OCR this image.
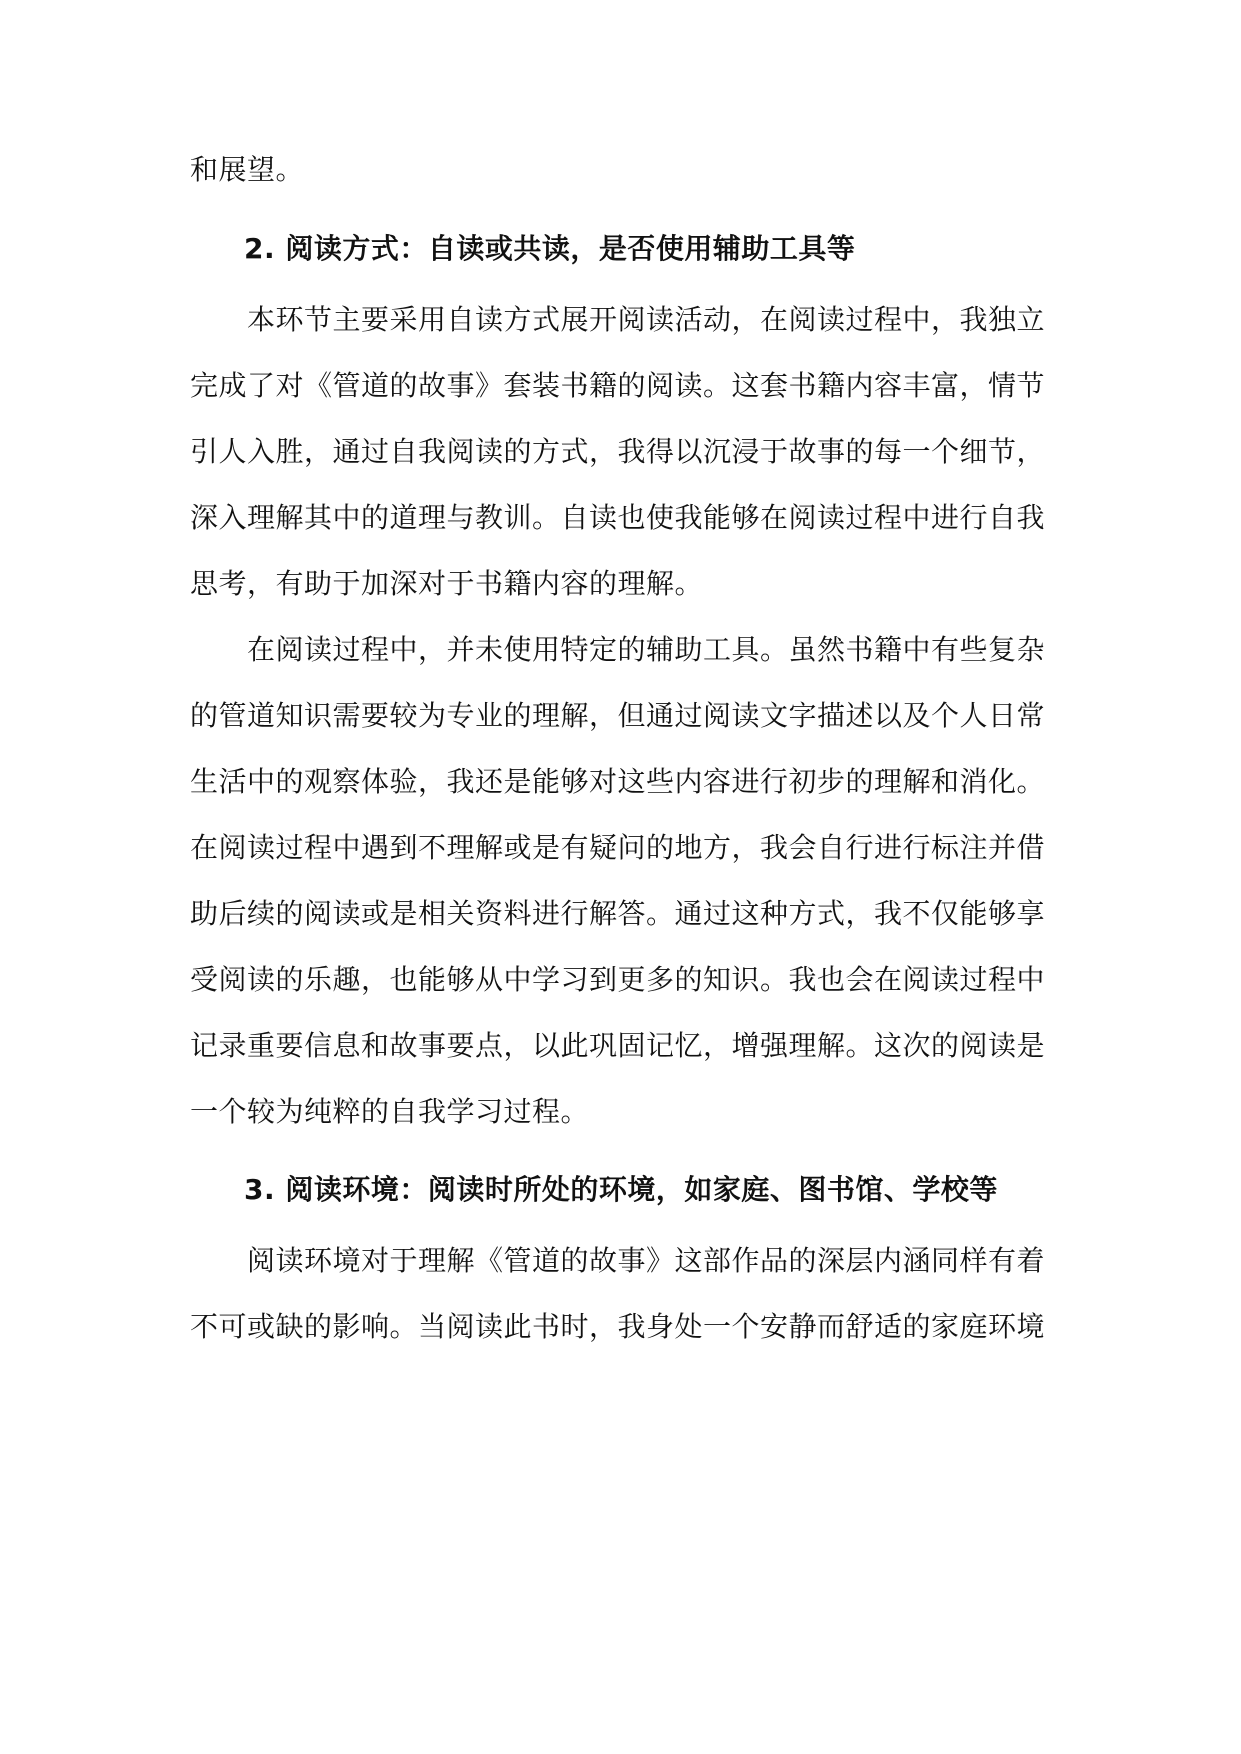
和展望。
2. 阅读方式：自读或共读，是否使用辅助工具等
本环节主要采用自读方式展开阅读活动，在阅读过程中，我独立
完成了对《管道的故事》套装书籍的阅读。这套书籍内容丰富，情节
引人入胜，通过自我阅读的方式，我得以沉浸于故事的每一个细节，
深入理解其中的道理与教训。自读也使我能够在阅读过程中进行自我
思考，有助于加深对于书籍内容的理解。
在阅读过程中，并未使用特定的辅助工具。虽然书籍中有些复杂
的管道知识需要较为专业的理解，但通过阅读文字描述以及个人日常
生活中的观察体验，我还是能够对这些内容进行初步的理解和消化。
在阅读过程中遇到不理解或是有疑问的地方，我会自行进行标注并借
助后续的阅读或是相关资料进行解答。通过这种方式，我不仅能够享
受阅读的乐趣，也能够从中学习到更多的知识。我也会在阅读过程中
记录重要信息和故事要点，以此巩固记忆，增强理解。这次的阅读是
一个较为纯粹的自我学习过程。
3. 阅读环境：阅读时所处的环境，如家庭、图书馆、学校等
阅读环境对于理解《管道的故事》这部作品的深层内涵同样有着
不可或缺的影响。当阅读此书时，我身处一个安静而舒适的家庭环境
